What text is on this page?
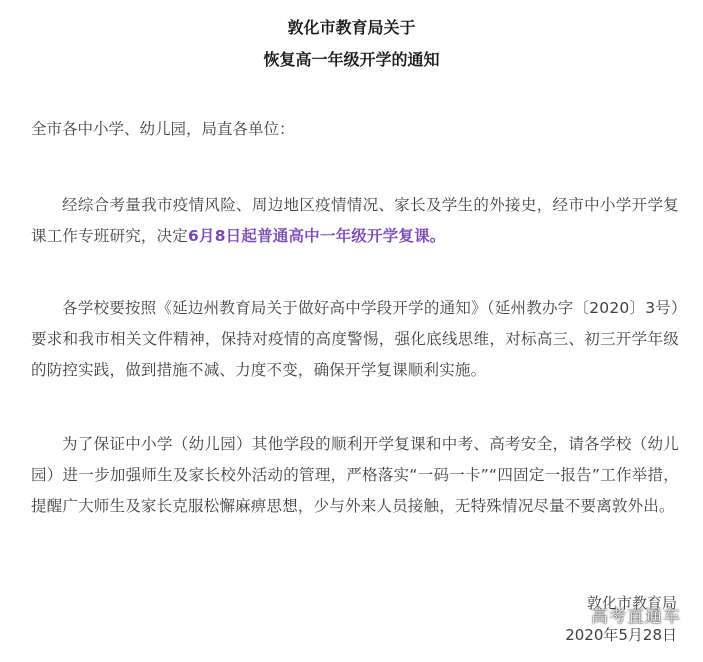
敦化市教育局关于
恢复高一年级开学的通知
全市各中小学、幼儿园，局直各单位：
经综合考量我市疫情风险、周边地区疫情情况、家长及学生的外接史，经市中小学开学复课工作专班研究，决定6月8日起普通高中一年级开学复课。
各学校要按照《延边州教育局关于做好高中学段开学的通知》（延州教办字〔2020〕3号）要求和我市相关文件精神，保持对疫情的高度警惕，强化底线思维，对标高三、初三开学年级的防控实践，做到措施不减、力度不变，确保开学复课顺利实施。
为了保证中小学（幼儿园）其他学段的顺利开学复课和中考、高考安全，请各学校（幼儿园）进一步加强师生及家长校外活动的管理，严格落实“一码一卡”“四固定一报告”工作举措，提醒广大师生及家长克服松懈麻痹思想，少与外来人员接触，无特殊情况尽量不要离敦外出。
敦化市教育局
2020年5月28日
高考直通车
